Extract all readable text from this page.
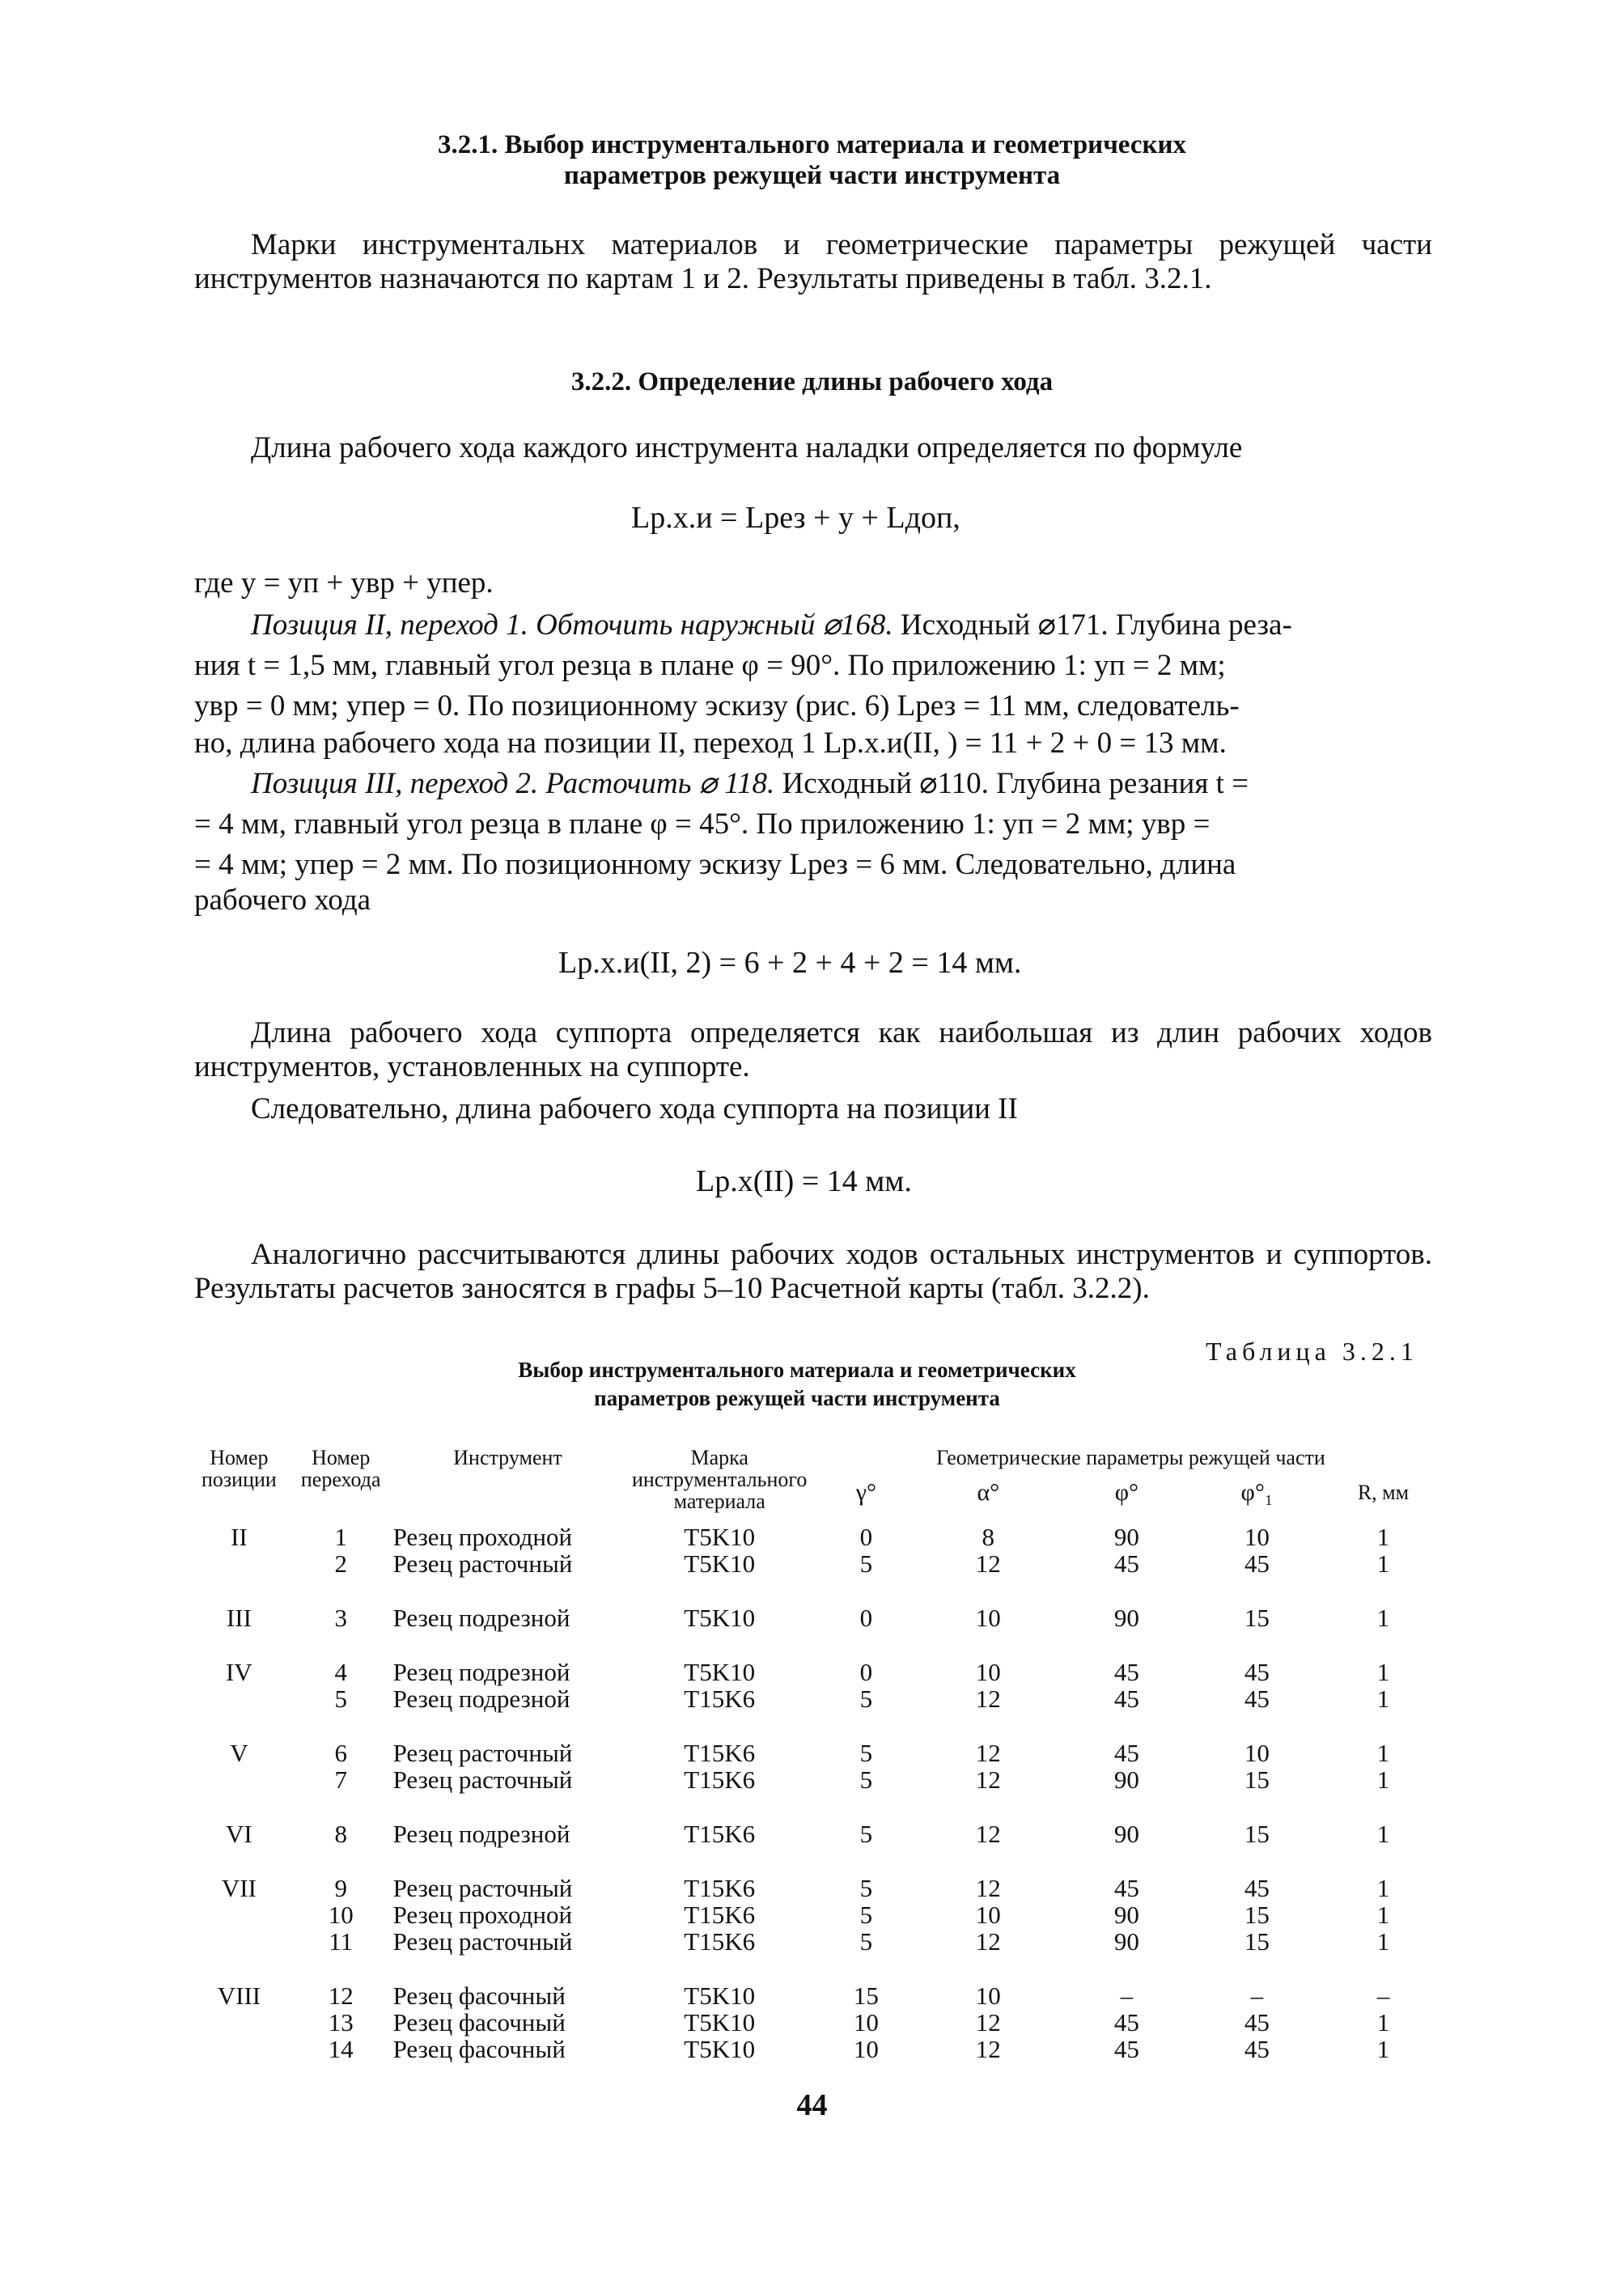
3.2.1. Выбор инструментального материала и геометрических
параметров режущей части инструмента

Марки инструментальнх материалов и геометрические параметры режущей части инструментов назначаются по картам 1 и 2. Результаты приведены в табл. 3.2.1.

3.2.2. Определение длины рабочего хода

Длина рабочего хода каждого инструмента наладки определяется по формуле

Lр.х.и = Lрез + y + Lдоп,

где y = yп + yвр + yпер.

Позиция II, переход 1. Обточить наружный ⌀168. Исходный ⌀171. Глубина реза-

ния t = 1,5 мм, главный угол резца в плане φ = 90°. По приложению 1: yп = 2 мм;

yвр = 0 мм; yпер = 0. По позиционному эскизу (рис. 6) Lрез = 11 мм, следователь-

но, длина рабочего хода на позиции II, переход 1 Lр.х.и(II, ) = 11 + 2 + 0 = 13 мм.

Позиция III, переход 2. Расточить ⌀ 118. Исходный ⌀110. Глубина резания t =

= 4 мм, главный угол резца в плане φ = 45°. По приложению 1: yп = 2 мм; yвр =

= 4 мм; yпер = 2 мм. По позиционному эскизу Lрез = 6 мм. Следовательно, длина

рабочего хода

Lр.х.и(II, 2) = 6 + 2 + 4 + 2 = 14 мм.

Длина рабочего хода суппорта определяется как наибольшая из длин рабочих ходов инструментов, установленных на суппорте.

Следовательно, длина рабочего хода суппорта на позиции II

Lр.х(II) = 14 мм.

Аналогично рассчитываются длины рабочих ходов остальных инструментов и суппортов. Результаты расчетов заносятся в графы 5–10 Расчетной карты (табл. 3.2.2).

Таблица 3.2.1
Выбор инструментального материала и геометрических
параметров режущей части инструмента
Номер позиции	Номер перехода	Инструмент	Марка инструментального материала	Геометрические параметры режущей части				
				γ°	α°	φ°	φ°₁	R, мм
II	1	Резец проходной	T5K10	0	8	90	10	1
	2	Резец расточный	T5K10	5	12	45	45	1
III	3	Резец подрезной	T5K10	0	10	90	15	1
IV	4	Резец подрезной	T5K10	0	10	45	45	1
	5	Резец подрезной	T15K6	5	12	45	45	1
V	6	Резец расточный	T15K6	5	12	45	10	1
	7	Резец расточный	T15K6	5	12	90	15	1
VI	8	Резец подрезной	T15K6	5	12	90	15	1
VII	9	Резец расточный	T15K6	5	12	45	45	1
	10	Резец проходной	T15K6	5	10	90	15	1
	11	Резец расточный	T15K6	5	12	90	15	1
VIII	12	Резец фасочный	T5K10	15	10	–	–	–
	13	Резец фасочный	T5K10	10	12	45	45	1
	14	Резец фасочный	T5K10	10	12	45	45	1
44
